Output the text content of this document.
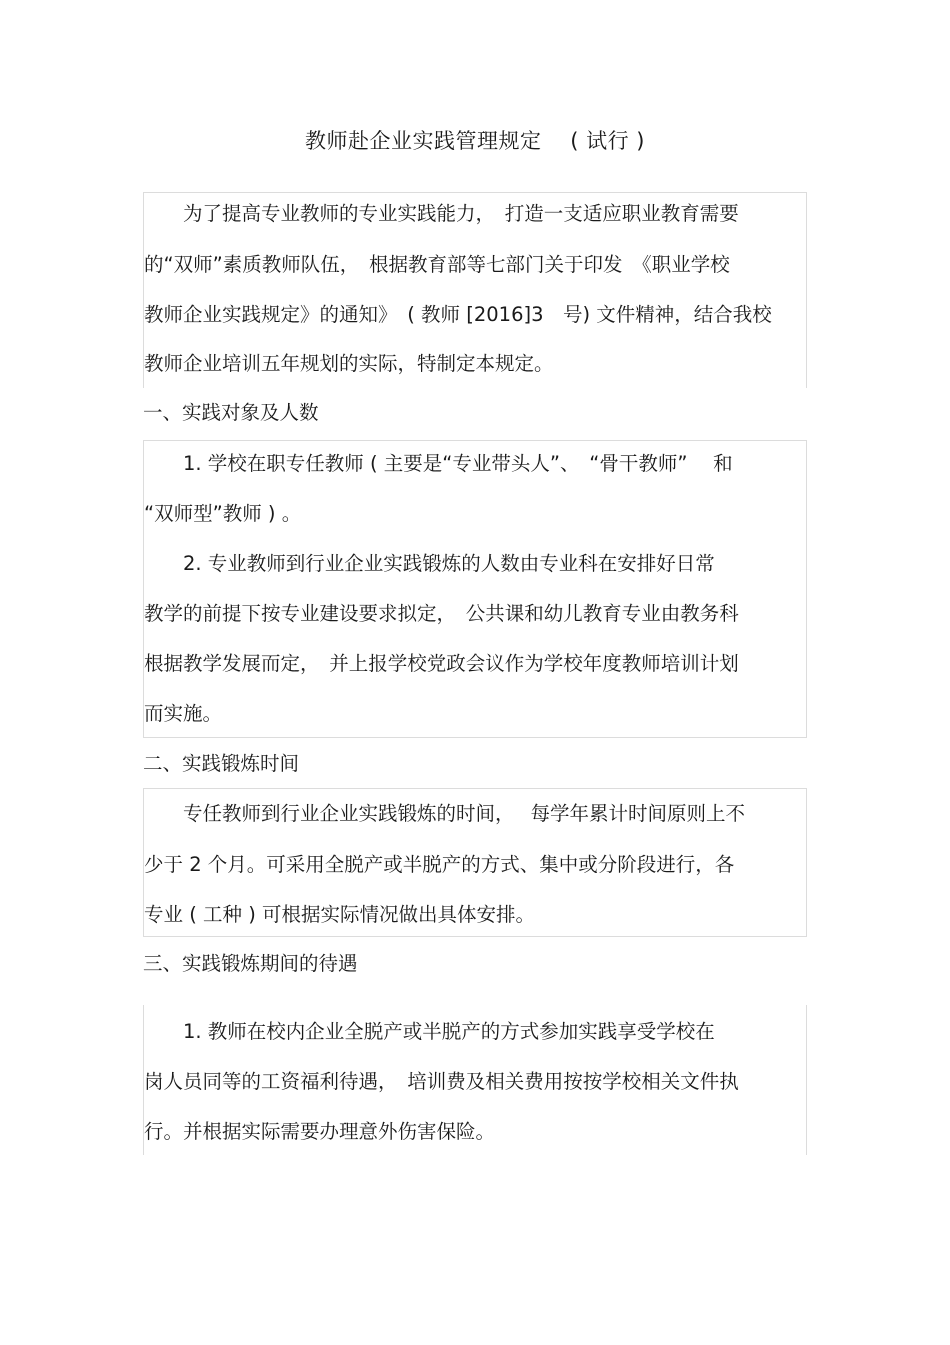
教师赴企业实践管理规定　 ( 试行 )
　　为了提高专业教师的专业实践能力，　打造一支适应职业教育需要
的“双师”素质教师队伍，　根据教育部等七部门关于印发　《职业学校
教师企业实践规定》的通知》　( 教师 [2016]3　号) 文件精神，结合我校
教师企业培训五年规划的实际，特制定本规定。
一、实践对象及人数
　　1. 学校在职专任教师 ( 主要是“专业带头人”、　“骨干教师”　 和
“双师型”教师 ) 。
　　2. 专业教师到行业企业实践锻炼的人数由专业科在安排好日常
教学的前提下按专业建设要求拟定，　公共课和幼儿教育专业由教务科
根据教学发展而定，　并上报学校党政会议作为学校年度教师培训计划
而实施。
二、实践锻炼时间
　　专任教师到行业企业实践锻炼的时间，　 每学年累计时间原则上不
少于 2 个月。可采用全脱产或半脱产的方式、集中或分阶段进行，各
专业 ( 工种 ) 可根据实际情况做出具体安排。
三、实践锻炼期间的待遇
　　1. 教师在校内企业全脱产或半脱产的方式参加实践享受学校在
岗人员同等的工资福利待遇，　培训费及相关费用按按学校相关文件执
行。并根据实际需要办理意外伤害保险。
